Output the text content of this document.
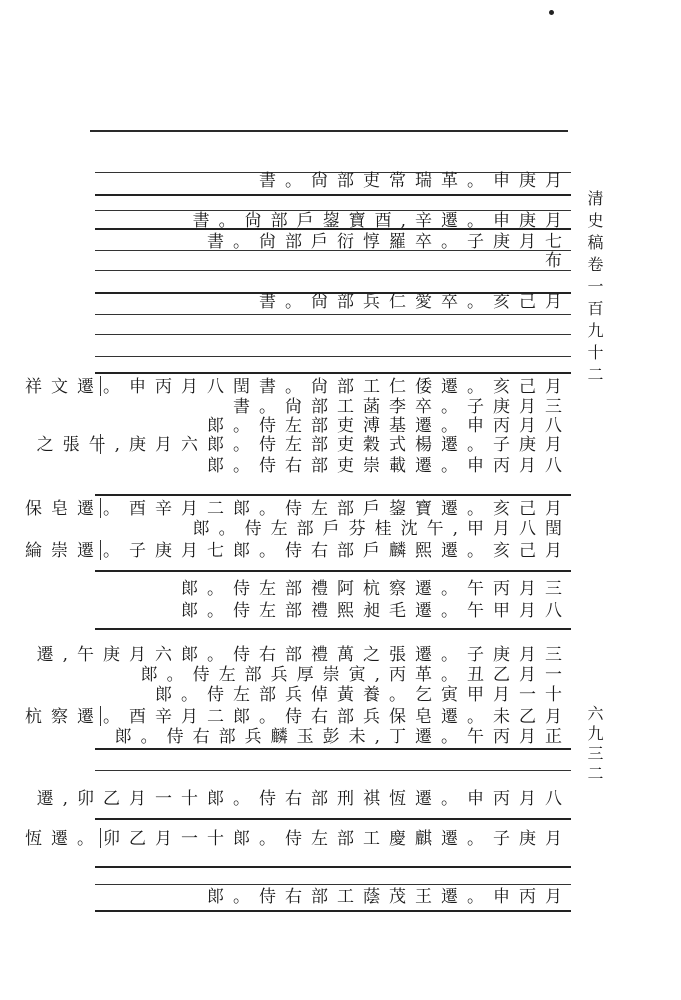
書。尙部吏常瑞革。申庚月
書。尙部戶鋆寶酉,辛遷。申庚月
書。尙部戶衍惇羅卒。子庚月七
布
書。尙部兵仁愛卒。亥己月
祥文遷。申丙月八閏書。尙部工仁倭遷。亥己月
書。尙部工菡李卒。子庚月三
郞。侍左部吏溥基遷。申丙月八
之張午,庚月六郞。侍左部吏穀式楊遷。子庚月
郞。侍右部吏崇載遷。申丙月八
保皂遷。酉辛月二郞。侍左部戶鋆寶遷。亥己月
郞。侍左部戶芬桂沈午,甲月八閏
綸崇遷。子庚月七郞。侍右部戶麟熙遷。亥己月
郞。侍左部禮阿杭察遷。午丙月三
郞。侍左部禮熙昶毛遷。午甲月八
遷,午庚月六郞。侍右部禮萬之張遷。子庚月三
郞。侍左部兵厚崇寅,丙革。丑乙月一
郞。侍左部兵倬黃養。乞寅甲月一十
杭察遷。酉辛月二郞。侍右部兵保皂遷。未乙月
郞。侍右部兵麟玉彭未,丁遷。午丙月正
遷,卯乙月一十郞。侍右部刑祺恆遷。申丙月八
恆遷。卯乙月一十郞。侍左部工慶麒遷。子庚月
郞。侍右部工蔭茂王遷。申丙月
清史稿卷一百九十二
六九三二
